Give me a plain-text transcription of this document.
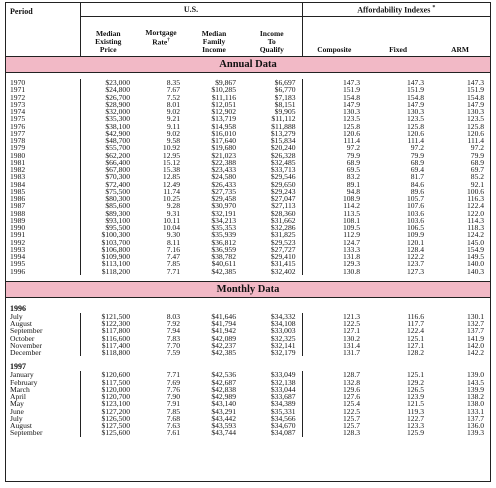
Period	U.S.				Affordability Indexes *
	Median
Existing
Price	Mortgage
Rate†	Median
Family
Income	Income
To
Qualify	Composite	Fixed	ARM
Annual Data							

1970	$23,000	8.35	$9,867	$6,697	147.3	147.3	147.3
1971	$24,800	7.67	$10,285	$6,770	151.9	151.9	151.9
1972	$26,700	7.52	$11,116	$7,183	154.8	154.8	154.8
1973	$28,900	8.01	$12,051	$8,151	147.9	147.9	147.9
1974	$32,000	9.02	$12,902	$9,905	130.3	130.3	130.3
1975	$35,300	9.21	$13,719	$11,112	123.5	123.5	123.5
1976	$38,100	9.11	$14,958	$11,888	125.8	125.8	125.8
1977	$42,900	9.02	$16,010	$13,279	120.6	120.6	120.6
1978	$48,700	9.58	$17,640	$15,834	111.4	111.4	111.4
1979	$55,700	10.92	$19,680	$20,240	97.2	97.2	97.2
1980	$62,200	12.95	$21,023	$26,328	79.9	79.9	79.9
1981	$66,400	15.12	$22,388	$32,485	68.9	68.9	68.9
1982	$67,800	15.38	$23,433	$33,713	69.5	69.4	69.7
1983	$70,300	12.85	$24,580	$29,546	83.2	81.7	85.2
1984	$72,400	12.49	$26,433	$29,650	89.1	84.6	92.1
1985	$75,500	11.74	$27,735	$29,243	94.8	89.6	100.6
1986	$80,300	10.25	$29,458	$27,047	108.9	105.7	116.3
1987	$85,600	9.28	$30,970	$27,113	114.2	107.6	122.4
1988	$89,300	9.31	$32,191	$28,360	113.5	103.6	122.0
1989	$93,100	10.11	$34,213	$31,662	108.1	103.6	114.3
1990	$95,500	10.04	$35,353	$32,286	109.5	106.5	118.3
1991	$100,300	9.30	$35,939	$31,825	112.9	109.9	124.2
1992	$103,700	8.11	$36,812	$29,523	124.7	120.1	145.0
1993	$106,800	7.16	$36,959	$27,727	133.3	128.4	154.9
1994	$109,900	7.47	$38,782	$29,410	131.8	122.2	149.5
1995	$113,100	7.85	$40,611	$31,415	129.3	123.7	140.0
1996	$118,200	7.71	$42,385	$32,402	130.8	127.3	140.3

Monthly Data							

1996							
July	$121,500	8.03	$41,646	$34,332	121.3	116.6	130.1
August	$122,300	7.92	$41,794	$34,108	122.5	117.7	132.7
September	$117,800	7.94	$41,942	$33,003	127.1	122.4	137.7
October	$116,600	7.83	$42,089	$32,325	130.2	125.1	141.9
November	$117,400	7.70	$42,237	$32,141	131.4	127.1	142.0
December	$118,800	7.59	$42,385	$32,179	131.7	128.2	142.2

1997							
January	$120,600	7.71	$42,536	$33,049	128.7	125.1	139.0
February	$117,500	7.69	$42,687	$32,138	132.8	129.2	143.5
March	$120,000	7.76	$42,838	$33,044	129.6	126.5	139.9
April	$120,700	7.90	$42,989	$33,687	127.6	123.9	138.2
May	$123,100	7.91	$43,140	$34,389	125.4	121.5	138.0
June	$127,200	7.85	$43,291	$35,331	122.5	119.3	133.1
July	$126,500	7.68	$43,442	$34,566	125.7	122.7	137.7
August	$127,500	7.63	$43,593	$34,670	125.7	123.3	136.0
September	$125,600	7.61	$43,744	$34,087	128.3	125.9	139.3
